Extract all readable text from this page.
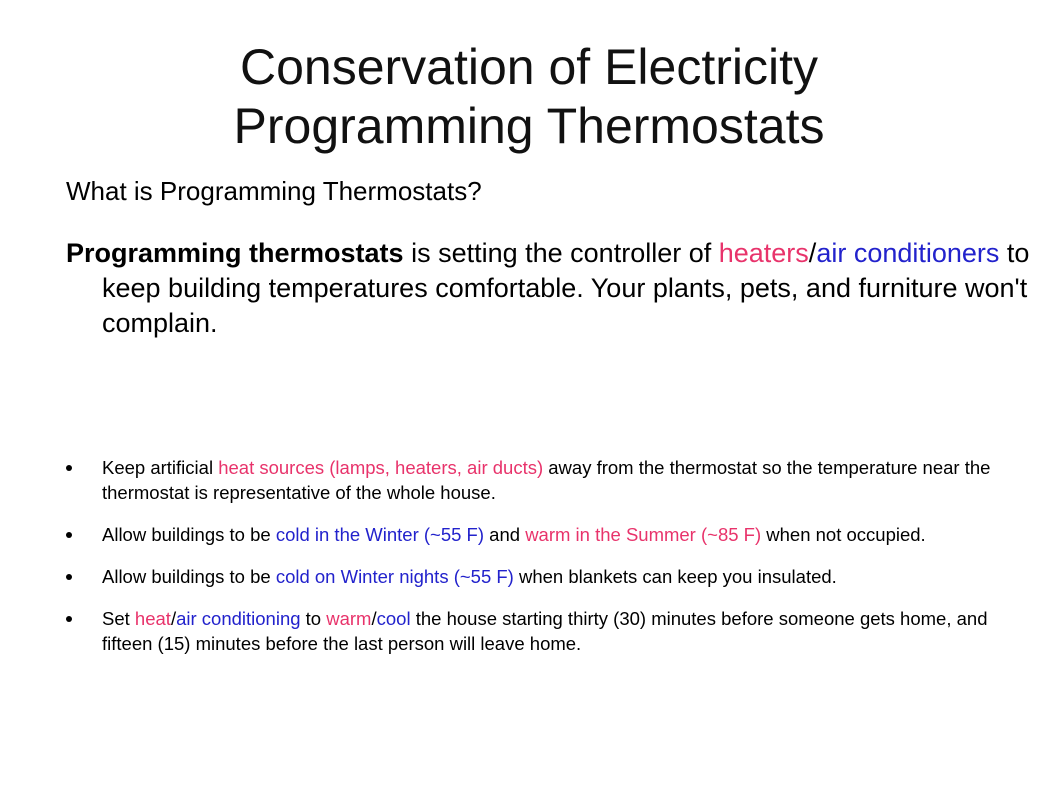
Conservation of Electricity
Programming Thermostats
What is Programming Thermostats?
Programming thermostats is setting the controller of heaters/air conditioners to keep building temperatures comfortable. Your plants, pets, and furniture won't complain.
Keep artificial heat sources (lamps, heaters, air ducts) away from the thermostat so the temperature near the thermostat is representative of the whole house.
Allow buildings to be cold in the Winter (~55 F) and warm in the Summer (~85 F) when not occupied.
Allow buildings to be cold on Winter nights (~55 F) when blankets can keep you insulated.
Set heat/air conditioning to warm/cool the house starting thirty (30) minutes before someone gets home, and fifteen (15) minutes before the last person will leave home.
